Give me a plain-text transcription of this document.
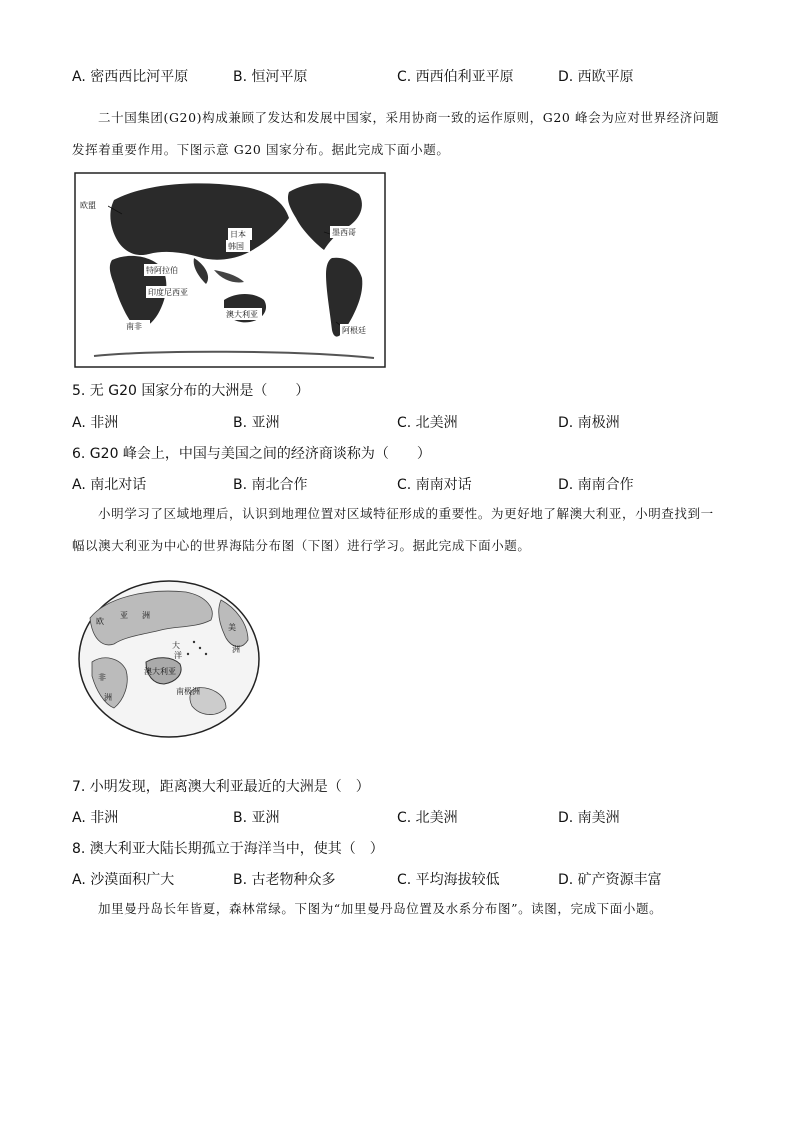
A. 密西西比河平原	B. 恒河平原	C. 西西伯利亚平原	D. 西欧平原
二十国集团(G20)构成兼顾了发达和发展中国家，采用协商一致的运作原则，G20 峰会为应对世界经济问题发挥着重要作用。下图示意 G20 国家分布。据此完成下面小题。
欧盟
日本
韩国
墨西哥
特阿拉伯
印度尼西亚
澳大利亚
南非	阿根廷
5. 无 G20 国家分布的大洲是（　　）
A. 非洲	B. 亚洲	C. 北美洲	D. 南极洲
6. G20 峰会上，中国与美国之间的经济商谈称为（　　）
A. 南北对话	B. 南北合作	C. 南南对话	D. 南南合作
小明学习了区域地理后，认识到地理位置对区域特征形成的重要性。为更好地了解澳大利亚，小明查找到一幅以澳大利亚为中心的世界海陆分布图（下图）进行学习。据此完成下面小题。
欧
亚 洲
美
洲
大
洋
非
洲
澳大利亚
南极洲
7. 小明发现，距离澳大利亚最近的大洲是（　）
A. 非洲	B. 亚洲	C. 北美洲	D. 南美洲
8. 澳大利亚大陆长期孤立于海洋当中，使其（　）
A. 沙漠面积广大	B. 古老物种众多	C. 平均海拔较低	D. 矿产资源丰富
加里曼丹岛长年皆夏，森林常绿。下图为“加里曼丹岛位置及水系分布图”。读图，完成下面小题。
